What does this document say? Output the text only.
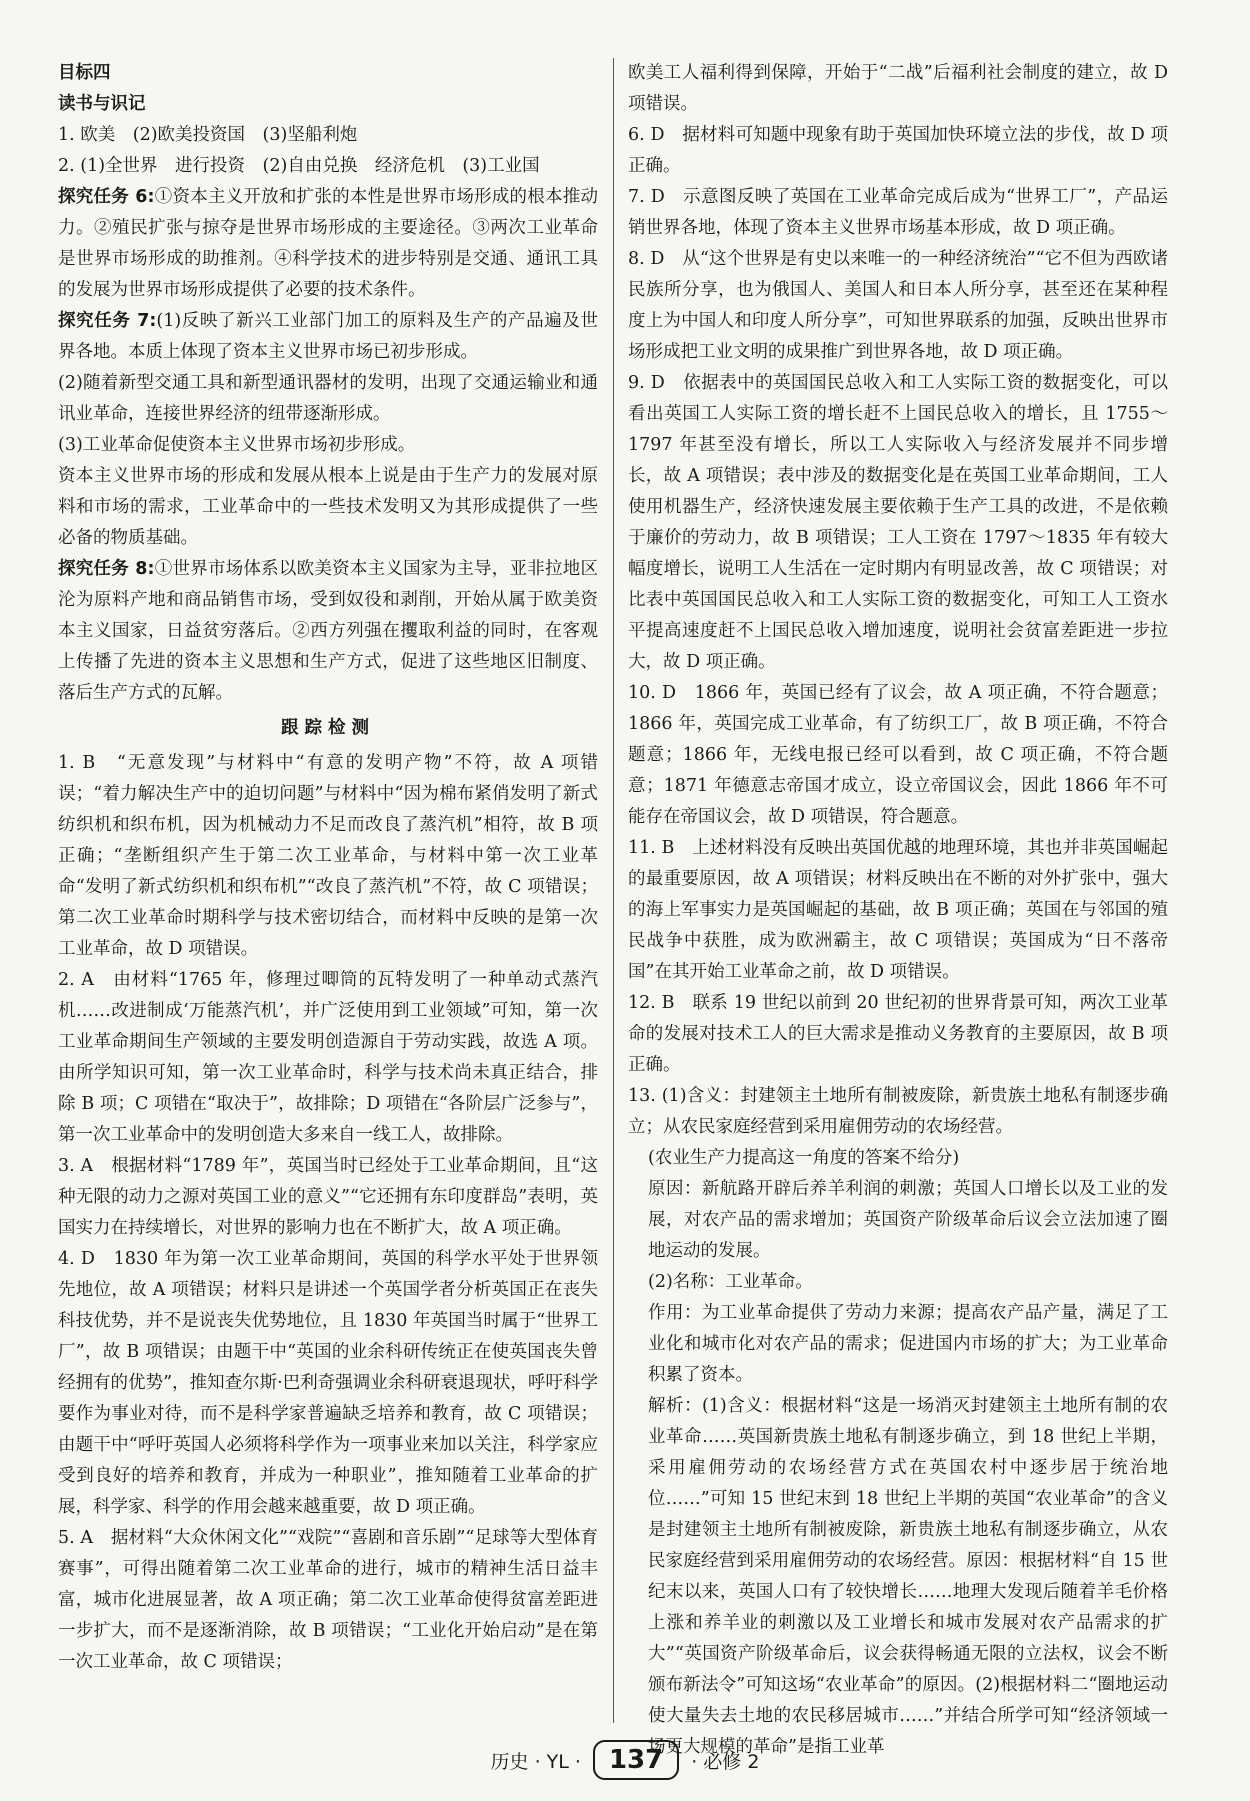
目标四
读书与识记

1. 欧美　(2)欧美投资国　(3)坚船利炮

2. (1)全世界　进行投资　(2)自由兑换　经济危机　(3)工业国

探究任务 6:①资本主义开放和扩张的本性是世界市场形成的根本推动力。②殖民扩张与掠夺是世界市场形成的主要途径。③两次工业革命是世界市场形成的助推剂。④科学技术的进步特别是交通、通讯工具的发展为世界市场形成提供了必要的技术条件。

探究任务 7:(1)反映了新兴工业部门加工的原料及生产的产品遍及世界各地。本质上体现了资本主义世界市场已初步形成。

(2)随着新型交通工具和新型通讯器材的发明，出现了交通运输业和通讯业革命，连接世界经济的纽带逐渐形成。

(3)工业革命促使资本主义世界市场初步形成。

资本主义世界市场的形成和发展从根本上说是由于生产力的发展对原料和市场的需求，工业革命中的一些技术发明又为其形成提供了一些必备的物质基础。

探究任务 8:①世界市场体系以欧美资本主义国家为主导，亚非拉地区沦为原料产地和商品销售市场，受到奴役和剥削，开始从属于欧美资本主义国家，日益贫穷落后。②西方列强在攫取利益的同时，在客观上传播了先进的资本主义思想和生产方式，促进了这些地区旧制度、落后生产方式的瓦解。

跟踪检测

1. B　“无意发现”与材料中“有意的发明产物”不符，故 A 项错误；“着力解决生产中的迫切问题”与材料中“因为棉布紧俏发明了新式纺织机和织布机，因为机械动力不足而改良了蒸汽机”相符，故 B 项正确；“垄断组织产生于第二次工业革命，与材料中第一次工业革命“发明了新式纺织机和织布机”“改良了蒸汽机”不符，故 C 项错误；第二次工业革命时期科学与技术密切结合，而材料中反映的是第一次工业革命，故 D 项错误。

2. A　由材料“1765 年，修理过唧筒的瓦特发明了一种单动式蒸汽机……改进制成‘万能蒸汽机’，并广泛使用到工业领域”可知，第一次工业革命期间生产领域的主要发明创造源自于劳动实践，故选 A 项。由所学知识可知，第一次工业革命时，科学与技术尚未真正结合，排除 B 项；C 项错在“取决于”，故排除；D 项错在“各阶层广泛参与”，第一次工业革命中的发明创造大多来自一线工人，故排除。

3. A　根据材料“1789 年”，英国当时已经处于工业革命期间，且“这种无限的动力之源对英国工业的意义”“它还拥有东印度群岛”表明，英国实力在持续增长，对世界的影响力也在不断扩大，故 A 项正确。

4. D　1830 年为第一次工业革命期间，英国的科学水平处于世界领先地位，故 A 项错误；材料只是讲述一个英国学者分析英国正在丧失科技优势，并不是说丧失优势地位，且 1830 年英国当时属于“世界工厂”，故 B 项错误；由题干中“英国的业余科研传统正在使英国丧失曾经拥有的优势”，推知查尔斯·巴利奇强调业余科研衰退现状，呼吁科学要作为事业对待，而不是科学家普遍缺乏培养和教育，故 C 项错误；由题干中“呼吁英国人必须将科学作为一项事业来加以关注，科学家应受到良好的培养和教育，并成为一种职业”，推知随着工业革命的扩展，科学家、科学的作用会越来越重要，故 D 项正确。

5. A　据材料“大众休闲文化”“戏院”“喜剧和音乐剧”“足球等大型体育赛事”，可得出随着第二次工业革命的进行，城市的精神生活日益丰富，城市化进展显著，故 A 项正确；第二次工业革命使得贫富差距进一步扩大，而不是逐渐消除，故 B 项错误；“工业化开始启动”是在第一次工业革命，故 C 项错误；

欧美工人福利得到保障，开始于“二战”后福利社会制度的建立，故 D 项错误。

6. D　据材料可知题中现象有助于英国加快环境立法的步伐，故 D 项正确。

7. D　示意图反映了英国在工业革命完成后成为“世界工厂”，产品运销世界各地，体现了资本主义世界市场基本形成，故 D 项正确。

8. D　从“这个世界是有史以来唯一的一种经济统治”“它不但为西欧诸民族所分享，也为俄国人、美国人和日本人所分享，甚至还在某种程度上为中国人和印度人所分享”，可知世界联系的加强，反映出世界市场形成把工业文明的成果推广到世界各地，故 D 项正确。

9. D　依据表中的英国国民总收入和工人实际工资的数据变化，可以看出英国工人实际工资的增长赶不上国民总收入的增长，且 1755～1797 年甚至没有增长，所以工人实际收入与经济发展并不同步增长，故 A 项错误；表中涉及的数据变化是在英国工业革命期间，工人使用机器生产，经济快速发展主要依赖于生产工具的改进，不是依赖于廉价的劳动力，故 B 项错误；工人工资在 1797～1835 年有较大幅度增长，说明工人生活在一定时期内有明显改善，故 C 项错误；对比表中英国国民总收入和工人实际工资的数据变化，可知工人工资水平提高速度赶不上国民总收入增加速度，说明社会贫富差距进一步拉大，故 D 项正确。

10. D　1866 年，英国已经有了议会，故 A 项正确，不符合题意；1866 年，英国完成工业革命，有了纺织工厂，故 B 项正确，不符合题意；1866 年，无线电报已经可以看到，故 C 项正确，不符合题意；1871 年德意志帝国才成立，设立帝国议会，因此 1866 年不可能存在帝国议会，故 D 项错误，符合题意。

11. B　上述材料没有反映出英国优越的地理环境，其也并非英国崛起的最重要原因，故 A 项错误；材料反映出在不断的对外扩张中，强大的海上军事实力是英国崛起的基础，故 B 项正确；英国在与邻国的殖民战争中获胜，成为欧洲霸主，故 C 项错误；英国成为“日不落帝国”在其开始工业革命之前，故 D 项错误。

12. B　联系 19 世纪以前到 20 世纪初的世界背景可知，两次工业革命的发展对技术工人的巨大需求是推动义务教育的主要原因，故 B 项正确。

13. (1)含义：封建领主土地所有制被废除，新贵族土地私有制逐步确立；从农民家庭经营到采用雇佣劳动的农场经营。

(农业生产力提高这一角度的答案不给分)

原因：新航路开辟后养羊利润的刺激；英国人口增长以及工业的发展，对农产品的需求增加；英国资产阶级革命后议会立法加速了圈地运动的发展。

(2)名称：工业革命。

作用：为工业革命提供了劳动力来源；提高农产品产量，满足了工业化和城市化对农产品的需求；促进国内市场的扩大；为工业革命积累了资本。

解析：(1)含义：根据材料“这是一场消灭封建领主土地所有制的农业革命……英国新贵族土地私有制逐步确立，到 18 世纪上半期，采用雇佣劳动的农场经营方式在英国农村中逐步居于统治地位……”可知 15 世纪末到 18 世纪上半期的英国“农业革命”的含义是封建领主土地所有制被废除，新贵族土地私有制逐步确立，从农民家庭经营到采用雇佣劳动的农场经营。原因：根据材料“自 15 世纪末以来，英国人口有了较快增长……地理大发现后随着羊毛价格上涨和养羊业的刺激以及工业增长和城市发展对农产品需求的扩大”“英国资产阶级革命后，议会获得畅通无限的立法权，议会不断颁布新法令”可知这场“农业革命”的原因。(2)根据材料二“圈地运动使大量失去土地的农民移居城市……”并结合所学可知“经济领域一场更大规模的革命”是指工业革

历史 · YL ·	137	· 必修 2
